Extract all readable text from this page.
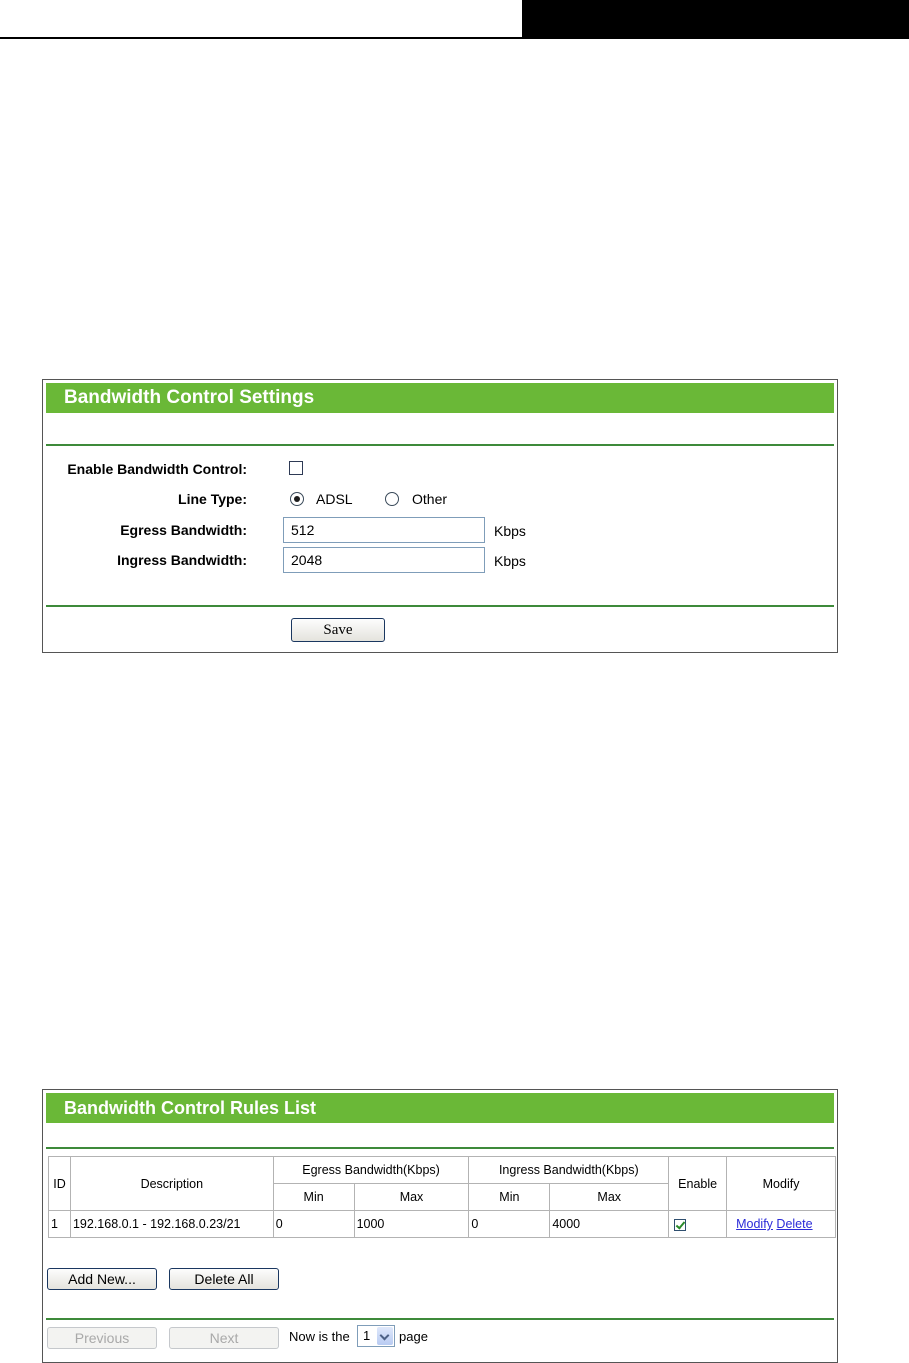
Bandwidth Control Settings
Enable Bandwidth Control:
Line Type:	ADSL	Other
Egress Bandwidth:
512	Kbps
Ingress Bandwidth:
2048	Kbps
Save
Bandwidth Control Rules List
ID	Description	Egress Bandwidth(Kbps)		Ingress Bandwidth(Kbps)		Enable	Modify
		Min	Max	Min	Max		
1	192.168.0.1 - 192.168.0.23/21	0	1000	0	4000		Modify Delete
Add New...	Delete All
Previous	Next	Now is the 1 page
